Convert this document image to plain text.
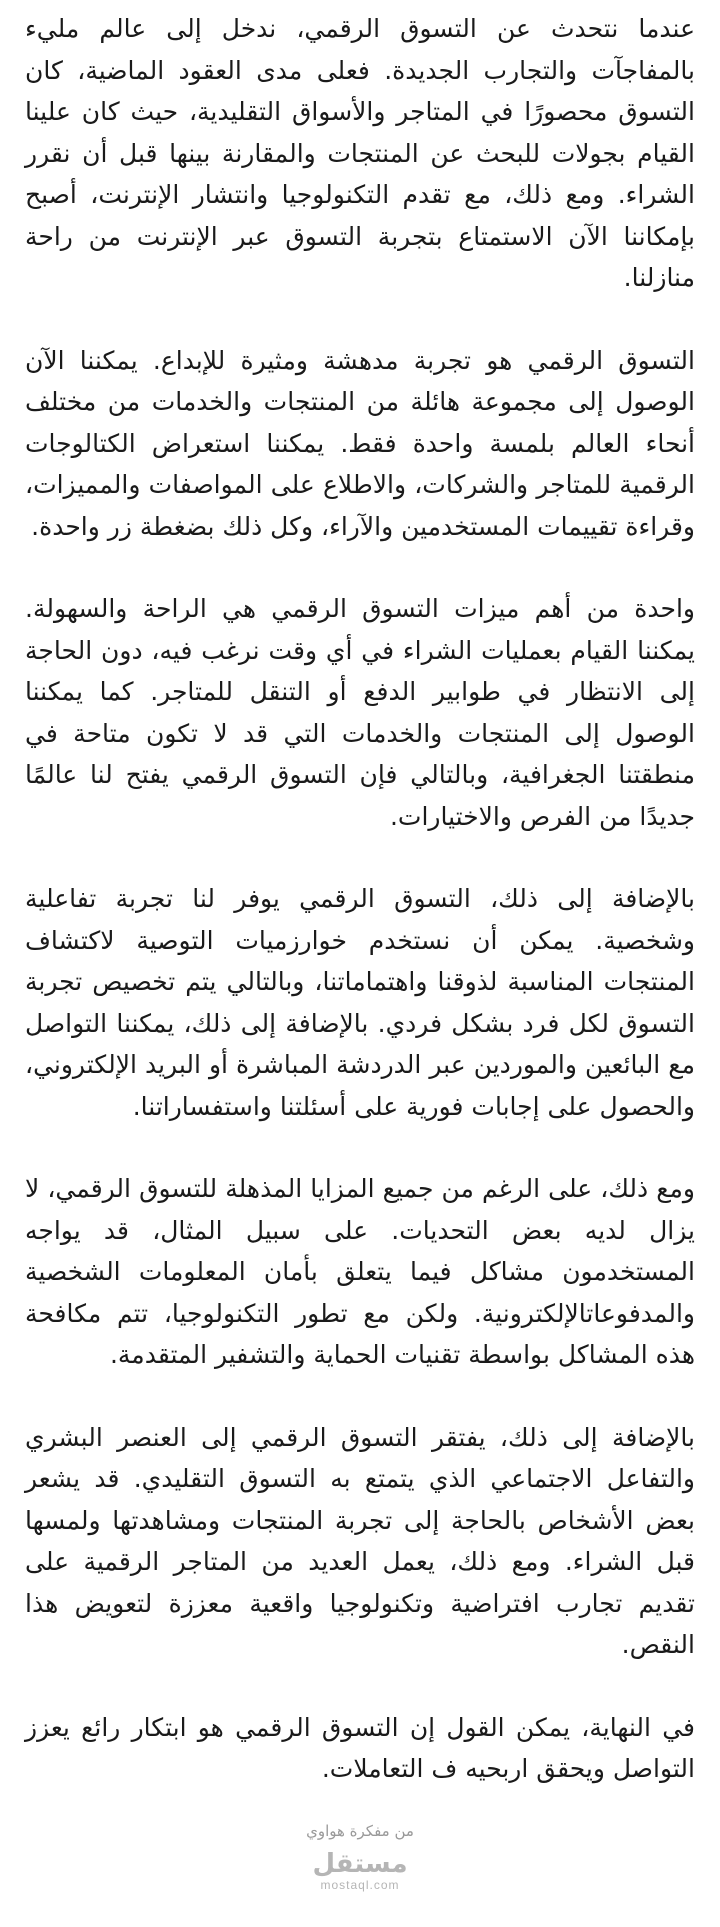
عندما نتحدث عن التسوق الرقمي، ندخل إلى عالم مليء بالمفاجآت والتجارب الجديدة. فعلى مدى العقود الماضية، كان التسوق محصورًا في المتاجر والأسواق التقليدية، حيث كان علينا القيام بجولات للبحث عن المنتجات والمقارنة بينها قبل أن نقرر الشراء. ومع ذلك، مع تقدم التكنولوجيا وانتشار الإنترنت، أصبح بإمكاننا الآن الاستمتاع بتجربة التسوق عبر الإنترنت من راحة منازلنا.

التسوق الرقمي هو تجربة مدهشة ومثيرة للإبداع. يمكننا الآن الوصول إلى مجموعة هائلة من المنتجات والخدمات من مختلف أنحاء العالم بلمسة واحدة فقط. يمكننا استعراض الكتالوجات الرقمية للمتاجر والشركات، والاطلاع على المواصفات والمميزات، وقراءة تقييمات المستخدمين والآراء، وكل ذلك بضغطة زر واحدة.

واحدة من أهم ميزات التسوق الرقمي هي الراحة والسهولة. يمكننا القيام بعمليات الشراء في أي وقت نرغب فيه، دون الحاجة إلى الانتظار في طوابير الدفع أو التنقل للمتاجر. كما يمكننا الوصول إلى المنتجات والخدمات التي قد لا تكون متاحة في منطقتنا الجغرافية، وبالتالي فإن التسوق الرقمي يفتح لنا عالمًا جديدًا من الفرص والاختيارات.

بالإضافة إلى ذلك، التسوق الرقمي يوفر لنا تجربة تفاعلية وشخصية. يمكن أن نستخدم خوارزميات التوصية لاكتشاف المنتجات المناسبة لذوقنا واهتماماتنا، وبالتالي يتم تخصيص تجربة التسوق لكل فرد بشكل فردي. بالإضافة إلى ذلك، يمكننا التواصل مع البائعين والموردين عبر الدردشة المباشرة أو البريد الإلكتروني، والحصول على إجابات فورية على أسئلتنا واستفساراتنا.

ومع ذلك، على الرغم من جميع المزايا المذهلة للتسوق الرقمي، لا يزال لديه بعض التحديات. على سبيل المثال، قد يواجه المستخدمون مشاكل فيما يتعلق بأمان المعلومات الشخصية والمدفوعاتالإلكترونية. ولكن مع تطور التكنولوجيا، تتم مكافحة هذه المشاكل بواسطة تقنيات الحماية والتشفير المتقدمة.

بالإضافة إلى ذلك، يفتقر التسوق الرقمي إلى العنصر البشري والتفاعل الاجتماعي الذي يتمتع به التسوق التقليدي. قد يشعر بعض الأشخاص بالحاجة إلى تجربة المنتجات ومشاهدتها ولمسها قبل الشراء. ومع ذلك، يعمل العديد من المتاجر الرقمية على تقديم تجارب افتراضية وتكنولوجيا واقعية معززة لتعويض هذا النقص.

في النهاية، يمكن القول إن التسوق الرقمي هو ابتكار رائع يعزز التواصل ويحقق اربحيه ف التعاملات.

من مفكرة هواوي

مستقل
mostaql.com
